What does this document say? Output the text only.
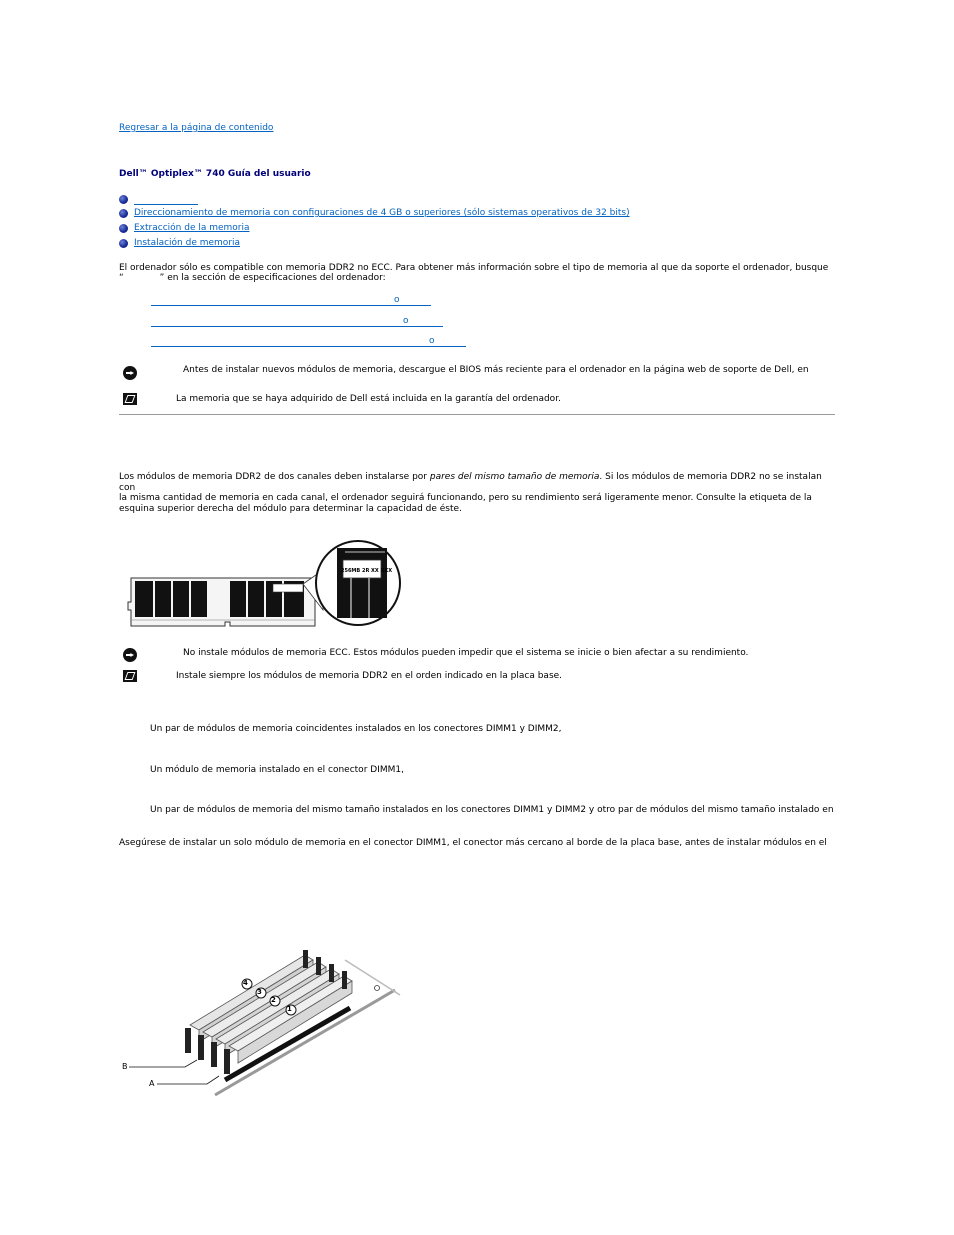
Regresar a la página de contenido
Dell™ Optiplex™ 740 Guía del usuario
Direccionamiento de memoria con configuraciones de 4 GB o superiores (sólo sistemas operativos de 32 bits)
Extracción de la memoria
Instalación de memoria
El ordenador sólo es compatible con memoria DDR2 no ECC. Para obtener más información sobre el tipo de memoria al que da soporte el ordenador, busque
“	” en la sección de especificaciones del ordenador:
o
o
o
Antes de instalar nuevos módulos de memoria, descargue el BIOS más reciente para el ordenador en la página web de soporte de Dell, en
La memoria que se haya adquirido de Dell está incluida en la garantía del ordenador.
Los módulos de memoria DDR2 de dos canales deben instalarse por pares del mismo tamaño de memoria. Si los módulos de memoria DDR2 no se instalan con
la misma cantidad de memoria en cada canal, el ordenador seguirá funcionando, pero su rendimiento será ligeramente menor. Consulte la etiqueta de la
esquina superior derecha del módulo para determinar la capacidad de éste.
256MB 2R XX XXX
No instale módulos de memoria ECC. Estos módulos pueden impedir que el sistema se inicie o bien afectar a su rendimiento.
Instale siempre los módulos de memoria DDR2 en el orden indicado en la placa base.
Un par de módulos de memoria coincidentes instalados en los conectores DIMM1 y DIMM2,
Un módulo de memoria instalado en el conector DIMM1,
Un par de módulos de memoria del mismo tamaño instalados en los conectores DIMM1 y DIMM2 y otro par de módulos del mismo tamaño instalado en
Asegúrese de instalar un solo módulo de memoria en el conector DIMM1, el conector más cercano al borde de la placa base, antes de instalar módulos en el
4
3
2
1
B
A
